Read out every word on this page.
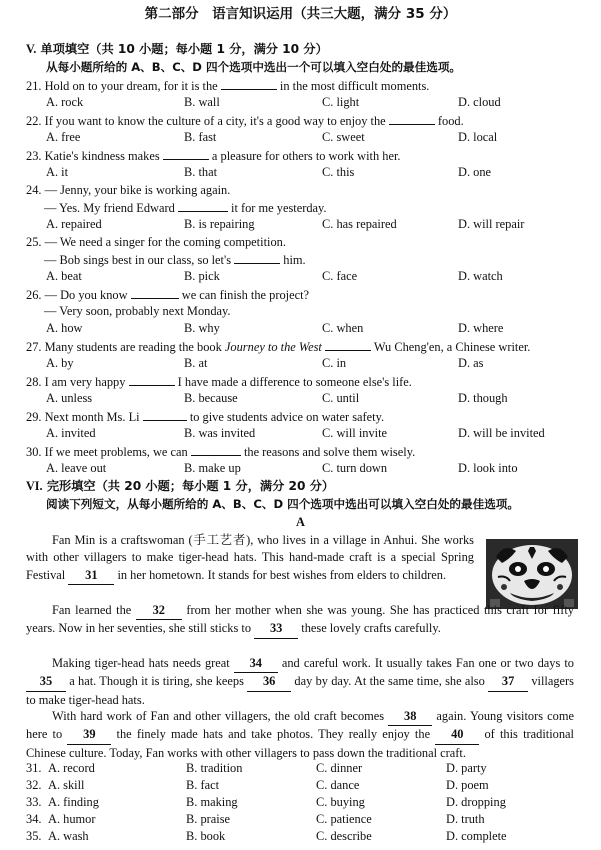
第二部分　语言知识运用（共三大题，满分 35 分）
V. 单项填空（共 10 小题；每小题 1 分，满分 10 分）
从每小题所给的 A、B、C、D 四个选项中选出一个可以填入空白处的最佳选项。
21. Hold on to your dream, for it is the	in the most difficult moments.
A. rock	B. wall	C. light	D. cloud
22. If you want to know the culture of a city, it's a good way to enjoy the	food.
A. free	B. fast	C. sweet	D. local
23. Katie's kindness makes	a pleasure for others to work with her.
A. it	B. that	C. this	D. one
24. — Jenny, your bike is working again.
— Yes. My friend Edward	it for me yesterday.
A. repaired	B. is repairing	C. has repaired	D. will repair
25. — We need a singer for the coming competition.
— Bob sings best in our class, so let's	him.
A. beat	B. pick	C. face	D. watch
26. — Do you know	we can finish the project?
— Very soon, probably next Monday.
A. how	B. why	C. when	D. where
27. Many students are reading the book Journey to the West	Wu Cheng'en, a Chinese writer.
A. by	B. at	C. in	D. as
28. I am very happy	I have made a difference to someone else's life.
A. unless	B. because	C. until	D. though
29. Next month Ms. Li	to give students advice on water safety.
A. invited	B. was invited	C. will invite	D. will be invited
30. If we meet problems, we can	the reasons and solve them wisely.
A. leave out	B. make up	C. turn down	D. look into
VI. 完形填空（共 20 小题；每小题 1 分，满分 20 分）
阅读下列短文，从每小题所给的 A、B、C、D 四个选项中选出可以填入空白处的最佳选项。
A
Fan Min is a craftswoman (手工艺者), who lives in a village in Anhui. She works with other villagers to make tiger-head hats. This hand-made craft is a special Spring Festival 31 in her hometown. It stands for best wishes from elders to children.
Fan learned the 32 from her mother when she was young. She has practiced this craft for fifty years. Now in her seventies, she still sticks to 33 these lovely crafts carefully.
Making tiger-head hats needs great 34 and careful work. It usually takes Fan one or two days to 35 a hat. Though it is tiring, she keeps 36 day by day. At the same time, she also 37 villagers to make tiger-head hats.
With hard work of Fan and other villagers, the old craft becomes 38 again. Young visitors come here to 39 the finely made hats and take photos. They really enjoy the 40 of this traditional Chinese culture. Today, Fan works with other villagers to pass down the traditional craft.
31. A. record	B. tradition	C. dinner	D. party
32. A. skill	B. fact	C. dance	D. poem
33. A. finding	B. making	C. buying	D. dropping
34. A. humor	B. praise	C. patience	D. truth
35. A. wash	B. book	C. describe	D. complete
